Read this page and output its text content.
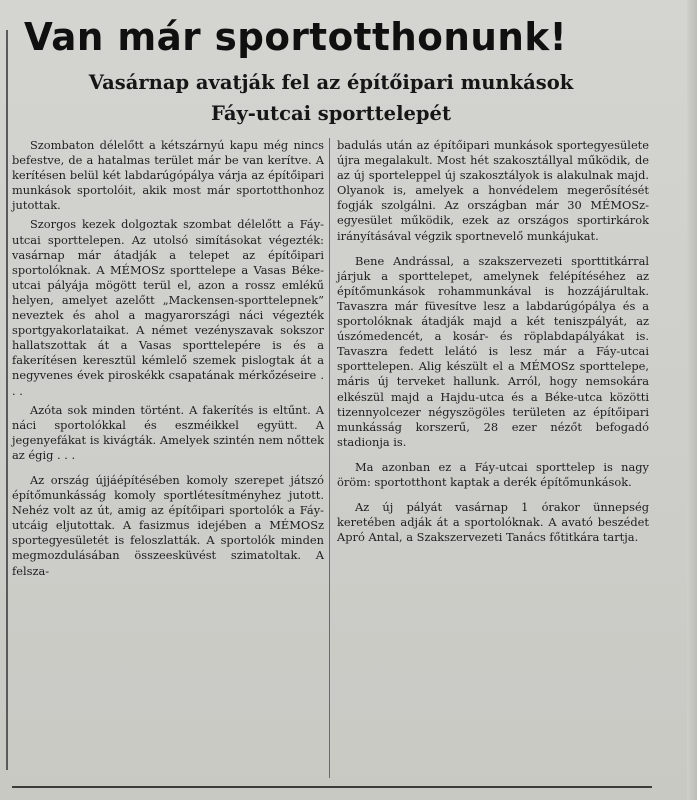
Van már sportotthonunk!
Vasárnap avatják fel az építőipari munkások
Fáy-utcai sporttelepét

Szombaton délelőtt a kétszárnyú kapu még nincs befestve, de a hatalmas terület már be van kerítve. A kerítésen belül két labdarúgópálya várja az építőipari munkások sportolóit, akik most már sportotthonhoz jutottak.

Szorgos kezek dolgoztak szombat délelőtt a Fáy-utcai sporttelepen. Az utolsó simításokat végezték: vasárnap már átadják a telepet az építőipari sportolóknak. A MÉMOSz sporttelepe a Vasas Béke-utcai pályája mögött terül el, azon a rossz emlékű helyen, amelyet azelőtt „Mackensen-sporttelepnek” neveztek és ahol a magyarországi náci végezték sportgyakorlataikat. A német vezényszavak sokszor hallatszottak át a Vasas sporttelepére is és a fakerítésen keresztül kémlelő szemek pislogtak át a negyvenes évek piroskékk csapatának mérkőzéseire . . .

Azóta sok minden történt. A fakerítés is eltűnt. A náci sportolókkal és eszméikkel együtt. A jegenyefákat is kivágták. Amelyek szintén nem nőttek az égig . . .

Az ország újjáépítésében komoly szerepet játszó építőmunkásság komoly sportlétesítményhez jutott. Nehéz volt az út, amig az építőipari sportolók a Fáy-utcáig eljutottak. A fasizmus idejében a MÉMOSz sportegyesületét is feloszlatták. A sportolók minden megmozdulásában összeesküvést szimatoltak. A felsza-

badulás után az építőipari munkások sportegyesülete újra megalakult. Most hét szakosztállyal működik, de az új sporteleppel új szakosztályok is alakulnak majd. Olyanok is, amelyek a honvédelem megerősítését fogják szolgálni. Az országban már 30 MÉMOSz-egyesület működik, ezek az országos sportirkárok irányításával végzik sportnevelő munkájukat.

Bene Andrással, a szakszervezeti sporttitkárral járjuk a sporttelepet, amelynek felépítéséhez az építőmunkások rohammunkával is hozzájárultak. Tavaszra már füvesítve lesz a labdarúgópálya és a sportolóknak átadják majd a két teniszpályát, az úszómedencét, a kosár- és röplabdapályákat is. Tavaszra fedett lelátó is lesz már a Fáy-utcai sporttelepen. Alig készült el a MÉMOSz sporttelepe, máris új terveket hallunk. Arról, hogy nemsokára elkészül majd a Hajdu-utca és a Béke-utca közötti tizennyolcezer négyszögöles területen az építőipari munkásság korszerű, 28 ezer nézőt befogadó stadionja is.

Ma azonban ez a Fáy-utcai sporttelep is nagy öröm: sportotthont kaptak a derék építőmunkások.

Az új pályát vasárnap 1 órakor ünnepség keretében adják át a sportolóknak. A avató beszédet Apró Antal, a Szakszervezeti Tanács főtitkára tartja.
